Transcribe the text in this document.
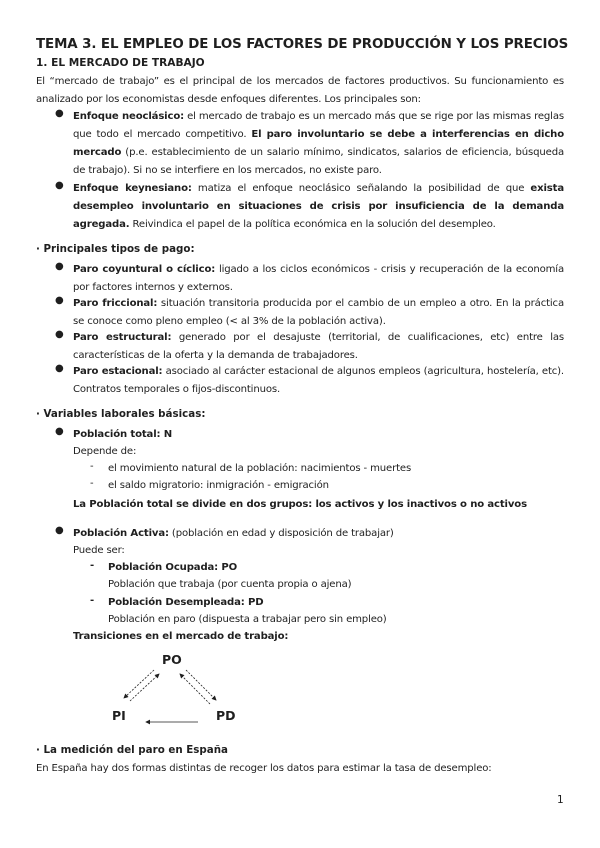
TEMA 3. EL EMPLEO DE LOS FACTORES DE PRODUCCIÓN Y LOS PRECIOS
1. EL MERCADO DE TRABAJO
El “mercado de trabajo” es el principal de los mercados de factores productivos. Su funcionamiento es analizado por los economistas desde enfoques diferentes. Los principales son:
● Enfoque neoclásico: el mercado de trabajo es un mercado más que se rige por las mismas reglas que todo el mercado competitivo. El paro involuntario se debe a interferencias en dicho mercado (p.e. establecimiento de un salario mínimo, sindicatos, salarios de eficiencia, búsqueda de trabajo). Si no se interfiere en los mercados, no existe paro.
● Enfoque keynesiano: matiza el enfoque neoclásico señalando la posibilidad de que exista desempleo involuntario en situaciones de crisis por insuficiencia de la demanda agregada. Reivindica el papel de la política económica en la solución del desempleo.
· Principales tipos de pago:
● Paro coyuntural o cíclico: ligado a los ciclos económicos - crisis y recuperación de la economía por factores internos y externos.
● Paro friccional: situación transitoria producida por el cambio de un empleo a otro. En la práctica se conoce como pleno empleo (< al 3% de la población activa).
● Paro estructural: generado por el desajuste (territorial, de cualificaciones, etc) entre las características de la oferta y la demanda de trabajadores.
● Paro estacional: asociado al carácter estacional de algunos empleos (agricultura, hostelería, etc). Contratos temporales o fijos-discontinuos.
· Variables laborales básicas:
● Población total: N
Depende de:
- el movimiento natural de la población: nacimientos - muertes
- el saldo migratorio: inmigración - emigración
La Población total se divide en dos grupos: los activos y los inactivos o no activos
● Población Activa: (población en edad y disposición de trabajar)
Puede ser:
- Población Ocupada: PO
Población que trabaja (por cuenta propia o ajena)
- Población Desempleada: PD
Población en paro (dispuesta a trabajar pero sin empleo)
Transiciones en el mercado de trabajo:
PO
PI	PD
· La medición del paro en España
En España hay dos formas distintas de recoger los datos para estimar la tasa de desempleo:
1
